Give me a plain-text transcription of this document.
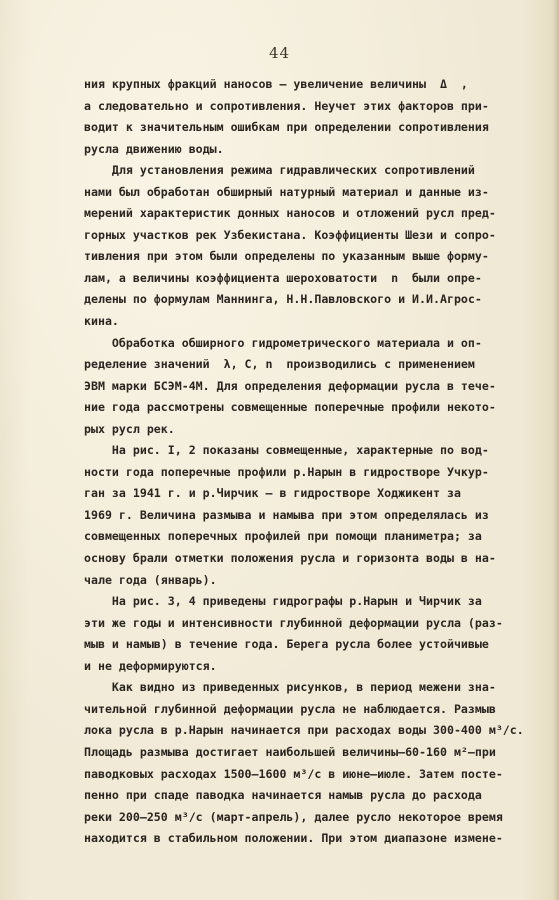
44
ния крупных фракций наносов – увеличение величины  Δ  ,
а следовательно и сопротивления. Неучет этих факторов при-
водит к значительным ошибкам при определении сопротивления
русла движению воды.
Для установления режима гидравлических сопротивлений
нами был обработан обширный натурный материал и данные из-
мерений характеристик донных наносов и отложений русл пред-
горных участков рек Узбекистана. Коэффициенты Шези и сопро-
тивления при этом были определены по указанным выше форму-
лам, а величины коэффициента шероховатости  n  были опре-
делены по формулам Маннинга, Н.Н.Павловского и И.И.Агрос-
кина.
Обработка обширного гидрометрического материала и оп-
ределение значений  λ, C, n  производились с применением
ЭВМ марки БСЭМ-4М. Для определения деформации русла в тече-
ние года рассмотрены совмещенные поперечные профили некото-
рых русл рек.
На рис. I, 2 показаны совмещенные, характерные по вод-
ности года поперечные профили р.Нарын в гидростворе Учкур-
ган за 1941 г. и р.Чирчик – в гидростворе Ходжикент за
1969 г. Величина размыва и намыва при этом определялась из
совмещенных поперечных профилей при помощи планиметра; за
основу брали отметки положения русла и горизонта воды в на-
чале года (январь).
На рис. 3, 4 приведены гидрографы р.Нарын и Чирчик за
эти же годы и интенсивности глубинной деформации русла (раз-
мыв и намыв) в течение года. Берега русла более устойчивые
и не деформируются.
Как видно из приведенных рисунков, в период межени зна-
чительной глубинной деформации русла не наблюдается. Размыв
лока русла в р.Нарын начинается при расходах воды 300-400 м³/с.
Площадь размыва достигает наибольшей величины–60-160 м²–при
паводковых расходах 1500–1600 м³/с в июне–июле. Затем посте-
пенно при спаде паводка начинается намыв русла до расхода
реки 200–250 м³/с (март-апрель), далее русло некоторое время
находится в стабильном положении. При этом диапазоне измене-
